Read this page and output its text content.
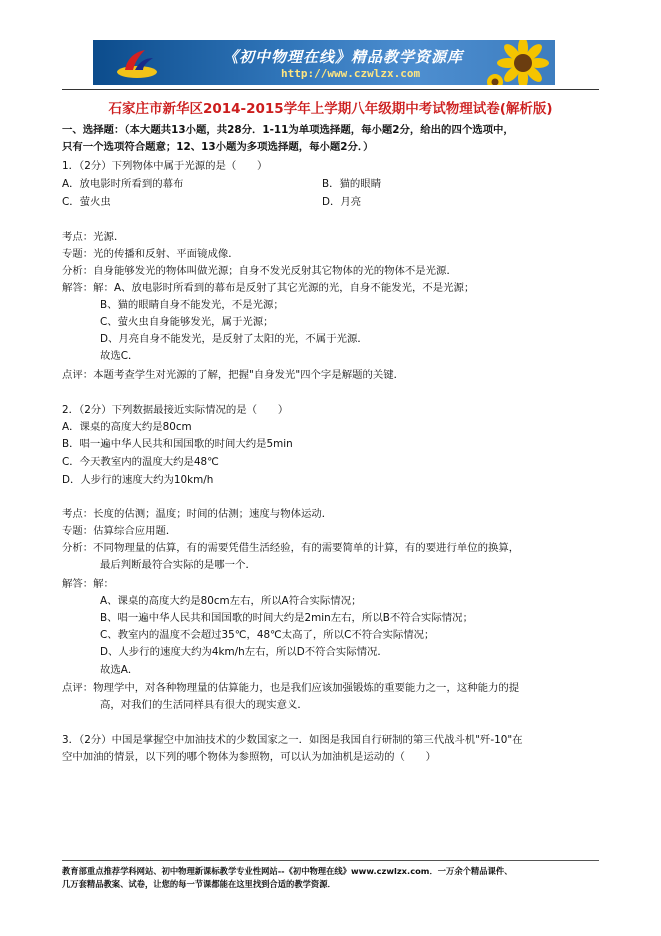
《初中物理在线》精品教学资源库
http://www.czwlzx.com
石家庄市新华区2014-2015学年上学期八年级期中考试物理试卷(解析版)
一、选择题：（本大题共13小题，共28分．1-11为单项选择题，每小题2分，给出的四个选项中，
只有一个选项符合题意；12、13小题为多项选择题，每小题2分．）
1．（2分）下列物体中属于光源的是（　　）
A．放电影时所看到的幕布	B．猫的眼睛
C．萤火虫	D．月亮
考点：光源．
专题：光的传播和反射、平面镜成像．
分析：自身能够发光的物体叫做光源；自身不发光反射其它物体的光的物体不是光源．
解答：解：A、放电影时所看到的幕布是反射了其它光源的光，自身不能发光，不是光源；
B、猫的眼睛自身不能发光，不是光源；
C、萤火虫自身能够发光，属于光源；
D、月亮自身不能发光，是反射了太阳的光，不属于光源．
故选C．
点评：本题考查学生对光源的了解，把握"自身发光"四个字是解题的关键．
2．（2分）下列数据最接近实际情况的是（　　）
A．课桌的高度大约是80cm
B．唱一遍中华人民共和国国歌的时间大约是5min
C．今天教室内的温度大约是48℃
D．人步行的速度大约为10km/h
考点：长度的估测；温度；时间的估测；速度与物体运动．
专题：估算综合应用题．
分析：不同物理量的估算，有的需要凭借生活经验，有的需要简单的计算，有的要进行单位的换算，
最后判断最符合实际的是哪一个．
解答：解：
A、课桌的高度大约是80cm左右，所以A符合实际情况；
B、唱一遍中华人民共和国国歌的时间大约是2min左右，所以B不符合实际情况；
C、教室内的温度不会超过35℃，48℃太高了，所以C不符合实际情况；
D、人步行的速度大约为4km/h左右，所以D不符合实际情况．
故选A．
点评：物理学中，对各种物理量的估算能力，也是我们应该加强锻炼的重要能力之一，这种能力的提
高，对我们的生活同样具有很大的现实意义．
3．（2分）中国是掌握空中加油技术的少数国家之一．如图是我国自行研制的第三代战斗机"歼-10"在
空中加油的情景，以下列的哪个物体为参照物，可以认为加油机是运动的（　　）
教育部重点推荐学科网站、初中物理新课标教学专业性网站--《初中物理在线》www.czwlzx.com．一万余个精品课件、
几万套精品教案、试卷，让您的每一节课都能在这里找到合适的教学资源．
